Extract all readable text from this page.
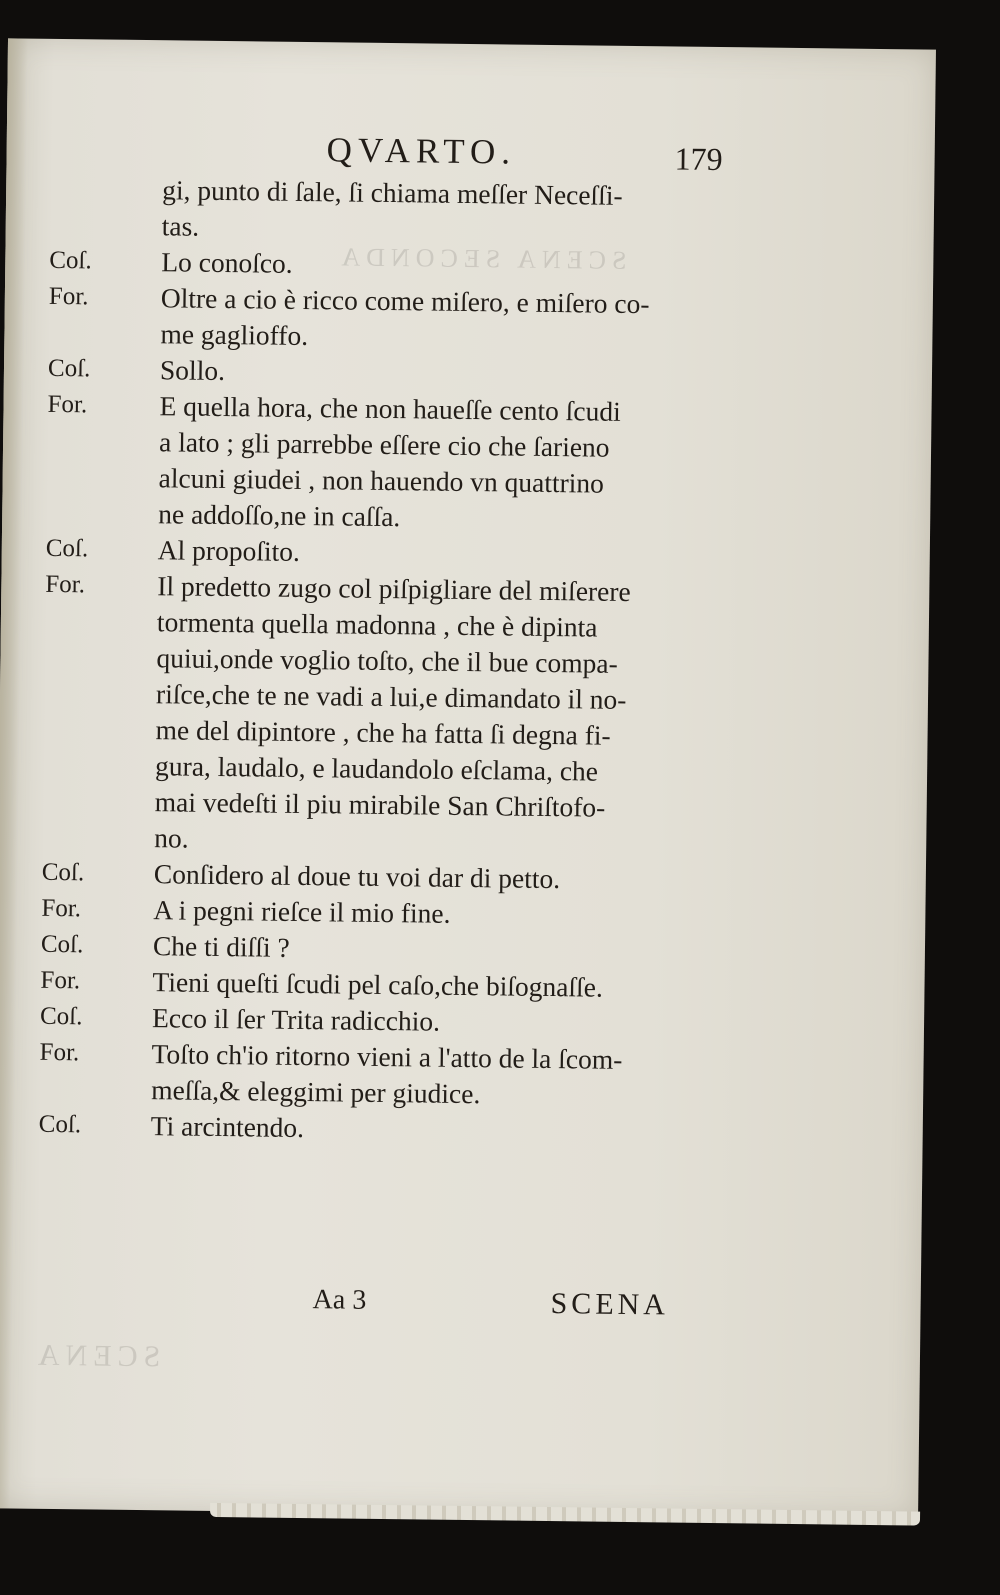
SCENA SECONDA
SCENA
QVARTO.	179
gi, punto di ſale, ſi chiama meſſer Neceſſi-
tas.
Coſ.	Lo conoſco.
For.	Oltre a cio è ricco come miſero, e miſero co-
me gaglioffo.
Coſ.	Sollo.
For.	E quella hora, che non haueſſe cento ſcudi
a lato ; gli parrebbe eſſere cio che ſarieno
alcuni giudei , non hauendo vn quattrino
ne addoſſo,ne in caſſa.
Coſ.	Al propoſito.
For.	Il predetto zugo col piſpigliare del miſerere
tormenta quella madonna , che è dipinta
quiui,onde voglio toſto, che il bue compa-
riſce,che te ne vadi a lui,e dimandato il no-
me del dipintore , che ha fatta ſi degna fi-
gura, laudalo, e laudandolo eſclama, che
mai vedeſti il piu mirabile San Chriſtofo-
no.
Coſ.	Conſidero al doue tu voi dar di petto.
For.	A i pegni rieſce il mio fine.
Coſ.	Che ti diſſi ?
For.	Tieni queſti ſcudi pel caſo,che biſognaſſe.
Coſ.	Ecco il ſer Trita radicchio.
For.	Toſto ch'io ritorno vieni a l'atto de la ſcom-
meſſa,& eleggimi per giudice.
Coſ.	Ti arcintendo.
Aa 3	SCENA
